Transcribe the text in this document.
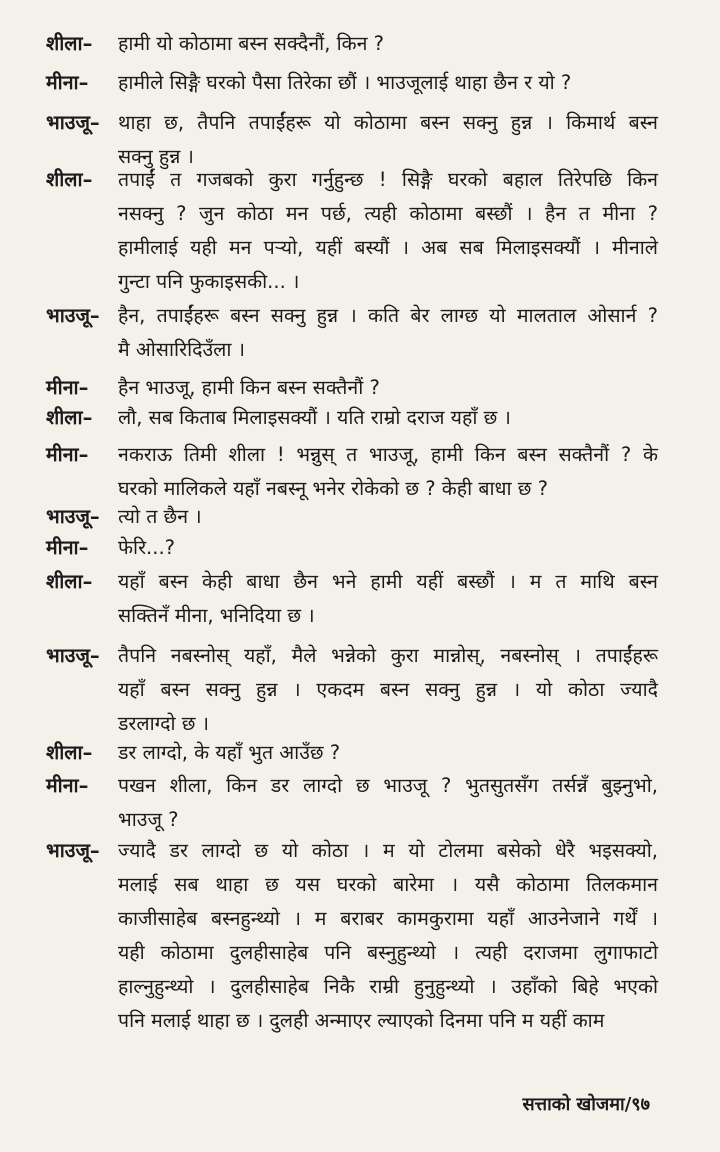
शीला– हामी यो कोठामा बस्न सक्दैनौं, किन ?
मीना– हामीले सिङ्गै घरको पैसा तिरेका छौं । भाउजूलाई थाहा छैन र यो ?
भाउजू– थाहा छ, तैपनि तपाईंहरू यो कोठामा बस्न सक्नु हुन्न । किमार्थ बस्न
सक्नु हुन्न ।
शीला– तपाईं त गजबको कुरा गर्नुहुन्छ ! सिङ्गै घरको बहाल तिरेपछि किन
नसक्नु ? जुन कोठा मन पर्छ, त्यही कोठामा बस्छौं । हैन त मीना ?
हामीलाई यही मन पऱ्यो, यहीं बस्यौं । अब सब मिलाइसक्यौं । मीनाले
गुन्टा पनि फुकाइसकी... ।
भाउजू– हैन, तपाईंहरू बस्न सक्नु हुन्न । कति बेर लाग्छ यो मालताल ओसार्न ?
मै ओसारिदिउँला ।
मीना– हैन भाउजू, हामी किन बस्न सक्तैनौं ?
शीला– लौ, सब किताब मिलाइसक्यौं । यति राम्रो दराज यहाँ छ ।
मीना– नकराऊ तिमी शीला ! भन्नुस् त भाउजू, हामी किन बस्न सक्तैनौं ? के
घरको मालिकले यहाँ नबस्नू भनेर रोकेको छ ? केही बाधा छ ?
भाउजू– त्यो त छैन ।
मीना– फेरि...?
शीला– यहाँ बस्न केही बाधा छैन भने हामी यहीं बस्छौं । म त माथि बस्न
सक्तिनँ मीना, भनिदिया छ ।
भाउजू– तैपनि नबस्नोस् यहाँ, मैले भन्नेको कुरा मान्नोस्, नबस्नोस् । तपाईंहरू
यहाँ बस्न सक्नु हुन्न । एकदम बस्न सक्नु हुन्न । यो कोठा ज्यादै
डरलाग्दो छ ।
शीला– डर लाग्दो, के यहाँ भुत आउँछ ?
मीना– पखन शीला, किन डर लाग्दो छ भाउजू ? भुतसुतसँग तर्सन्नँ बुझ्नुभो,
भाउजू ?
भाउजू– ज्यादै डर लाग्दो छ यो कोठा । म यो टोलमा बसेको धेरै भइसक्यो,
मलाई सब थाहा छ यस घरको बारेमा । यसै कोठामा तिलकमान
काजीसाहेब बस्नहुन्थ्यो । म बराबर कामकुरामा यहाँ आउनेजाने गर्थें ।
यही कोठामा दुलहीसाहेब पनि बस्नुहुन्थ्यो । त्यही दराजमा लुगाफाटो
हाल्नुहुन्थ्यो । दुलहीसाहेब निकै राम्री हुनुहुन्थ्यो । उहाँको बिहे भएको
पनि मलाई थाहा छ । दुलही अन्माएर ल्याएको दिनमा पनि म यहीं काम
सत्ताको खोजमा/९७
